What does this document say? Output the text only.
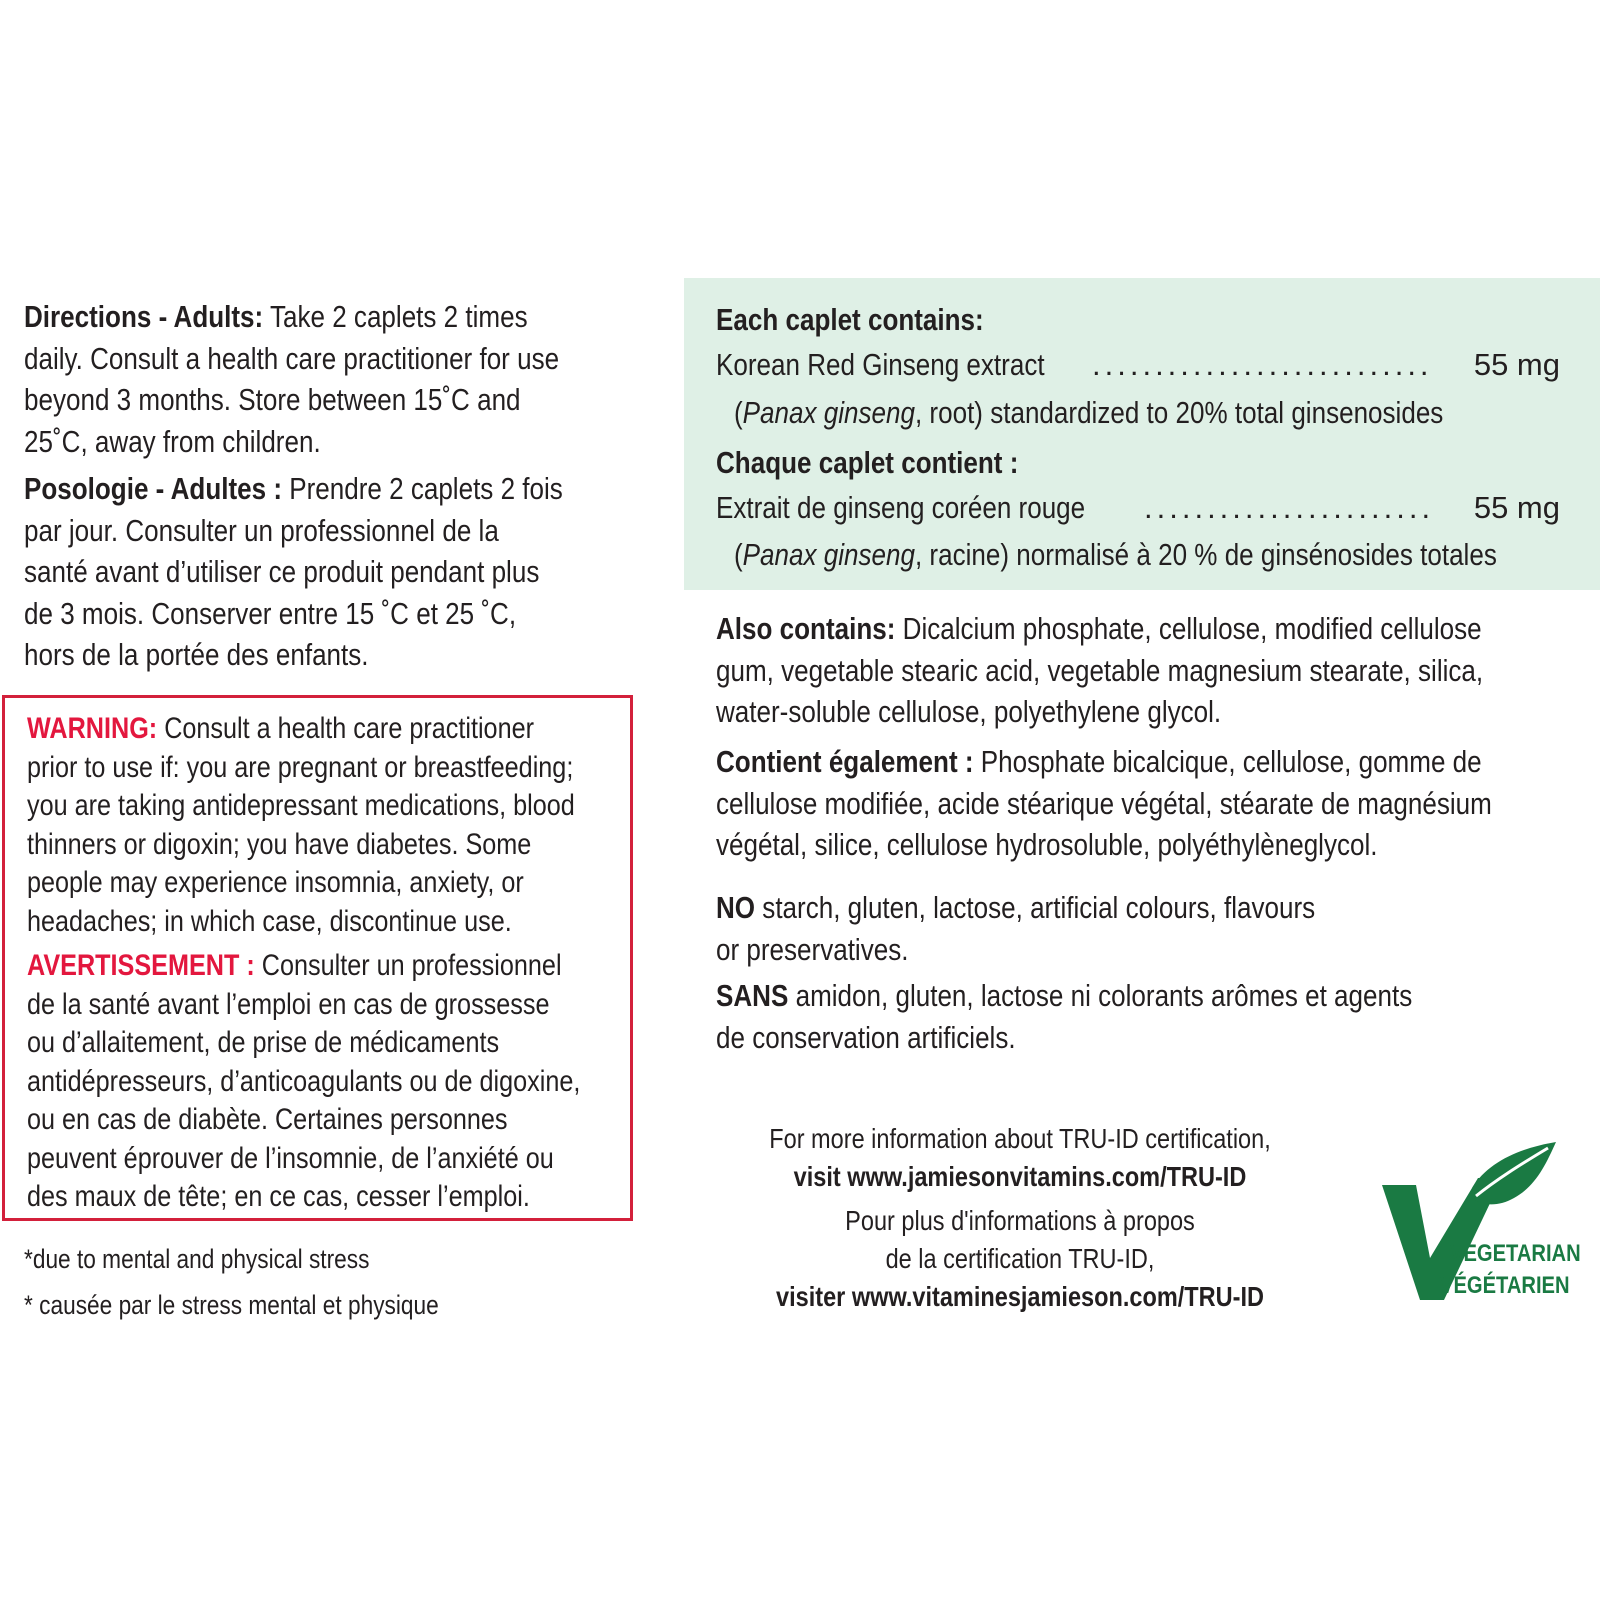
Directions - Adults: Take 2 caplets 2 times
daily. Consult a health care practitioner for use
beyond 3 months. Store between 15˚C and
25˚C, away from children.
Posologie - Adultes : Prendre 2 caplets 2 fois
par jour. Consulter un professionnel de la
santé avant d’utiliser ce produit pendant plus
de 3 mois. Conserver entre 15 ˚C et 25 ˚C,
hors de la portée des enfants.
WARNING: Consult a health care practitioner
prior to use if: you are pregnant or breastfeeding;
you are taking antidepressant medications, blood
thinners or digoxin; you have diabetes. Some
people may experience insomnia, anxiety, or
headaches; in which case, discontinue use.
AVERTISSEMENT : Consulter un professionnel
de la santé avant l’emploi en cas de grossesse
ou d’allaitement, de prise de médicaments
antidépresseurs, d’anticoagulants ou de digoxine,
ou en cas de diabète. Certaines personnes
peuvent éprouver de l’insomnie, de l’anxiété ou
des maux de tête; en ce cas, cesser l’emploi.
*due to mental and physical stress
* causée par le stress mental et physique
Each caplet contains:
Korean Red Ginseng extract ........................... 55 mg
(Panax ginseng, root) standardized to 20% total ginsenosides
Chaque caplet contient :
Extrait de ginseng coréen rouge ....................... 55 mg
(Panax ginseng, racine) normalisé à 20 % de ginsénosides totales
Also contains: Dicalcium phosphate, cellulose, modified cellulose
gum, vegetable stearic acid, vegetable magnesium stearate, silica,
water-soluble cellulose, polyethylene glycol.
Contient également : Phosphate bicalcique, cellulose, gomme de
cellulose modifiée, acide stéarique végétal, stéarate de magnésium
végétal, silice, cellulose hydrosoluble, polyéthylèneglycol.
NO starch, gluten, lactose, artificial colours, flavours
or preservatives.
SANS amidon, gluten, lactose ni colorants arômes et agents
de conservation artificiels.
For more information about TRU-ID certification,
visit www.jamiesonvitamins.com/TRU-ID
Pour plus d'informations à propos
de la certification TRU-ID,
visiter www.vitaminesjamieson.com/TRU-ID
VEGETARIAN
VÉGÉTARIEN
